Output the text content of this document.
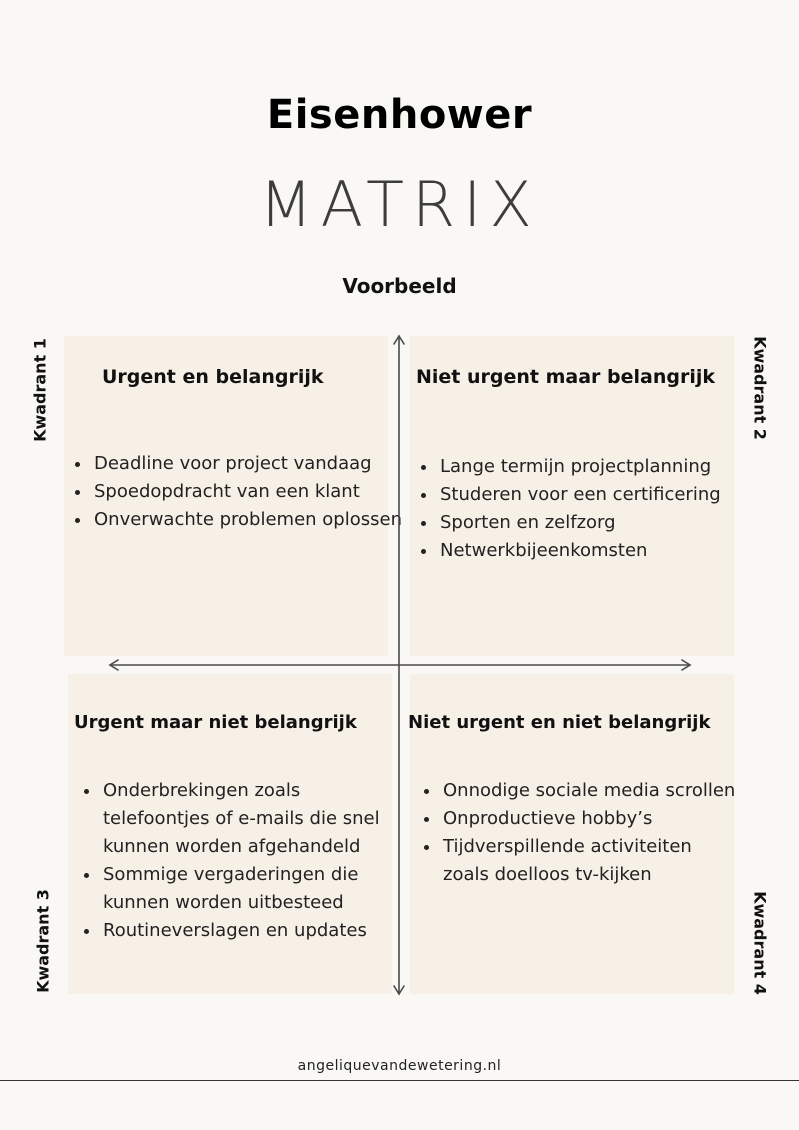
Eisenhower
MATRIX
Voorbeeld
Urgent en belangrijk
• Deadline voor project vandaag
• Spoedopdracht van een klant
• Onverwachte problemen oplossen
Niet urgent maar belangrijk
• Lange termijn projectplanning
• Studeren voor een certificering
• Sporten en zelfzorg
• Netwerkbijeenkomsten
Urgent maar niet belangrijk
• Onderbrekingen zoals telefoontjes of e-mails die snel kunnen worden afgehandeld
• Sommige vergaderingen die kunnen worden uitbesteed
• Routineverslagen en updates
Niet urgent en niet belangrijk
• Onnodige sociale media scrollen
• Onproductieve hobby’s
• Tijdverspillende activiteiten zoals doelloos tv-kijken
Kwadrant 1	Kwadrant 2
Kwadrant 3	Kwadrant 4
angeliquevandewetering.nl
